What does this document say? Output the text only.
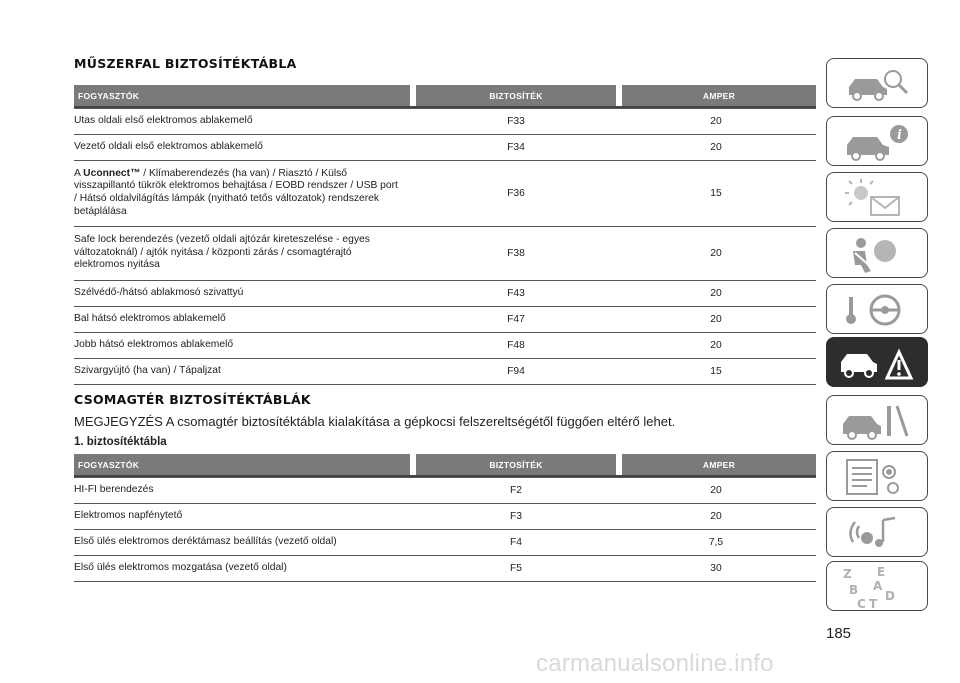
MŰSZERFAL BIZTOSÍTÉKTÁBLA
FOGYASZTÓK		BIZTOSÍTÉK		AMPER

Utas oldali első elektromos ablakemelő		F33	20	
Vezető oldali első elektromos ablakemelő		F34	20	

A Uconnect™ / Klímaberendezés (ha van) / Riasztó / Külső visszapillantó tükrök elektromos behajtása / EOBD rendszer / USB port / Hátsó oldalvilágítás lámpák (nyitható tetős változatok) rendszerek betáplálása		F36	15	

Safe lock berendezés (vezető oldali ajtózár kireteszelése - egyes változatoknál) / ajtók nyitása / központi zárás / csomagtérajtó elektromos nyitása		F38	20	
Szélvédő-/hátsó ablakmosó szivattyú		F43	20	
Bal hátsó elektromos ablakemelő		F47	20	
Jobb hátsó elektromos ablakemelő		F48	20	
Szivargyújtó (ha van) / Tápaljzat		F94	15	
CSOMAGTÉR BIZTOSÍTÉKTÁBLÁK
MEGJEGYZÉS A csomagtér biztosítéktábla kialakítása a gépkocsi felszereltségétől függően eltérő lehet.
1. biztosítéktábla
FOGYASZTÓK		BIZTOSÍTÉK		AMPER

HI-FI berendezés		F2	20	
Elektromos napfénytető		F3	20	
Első ülés elektromos deréktámasz beállítás (vezető oldal)		F4	7,5	
Első ülés elektromos mozgatása (vezető oldal)		F5	30	
i
Z E
B A
C T
D
185
carmanualsonline.info
